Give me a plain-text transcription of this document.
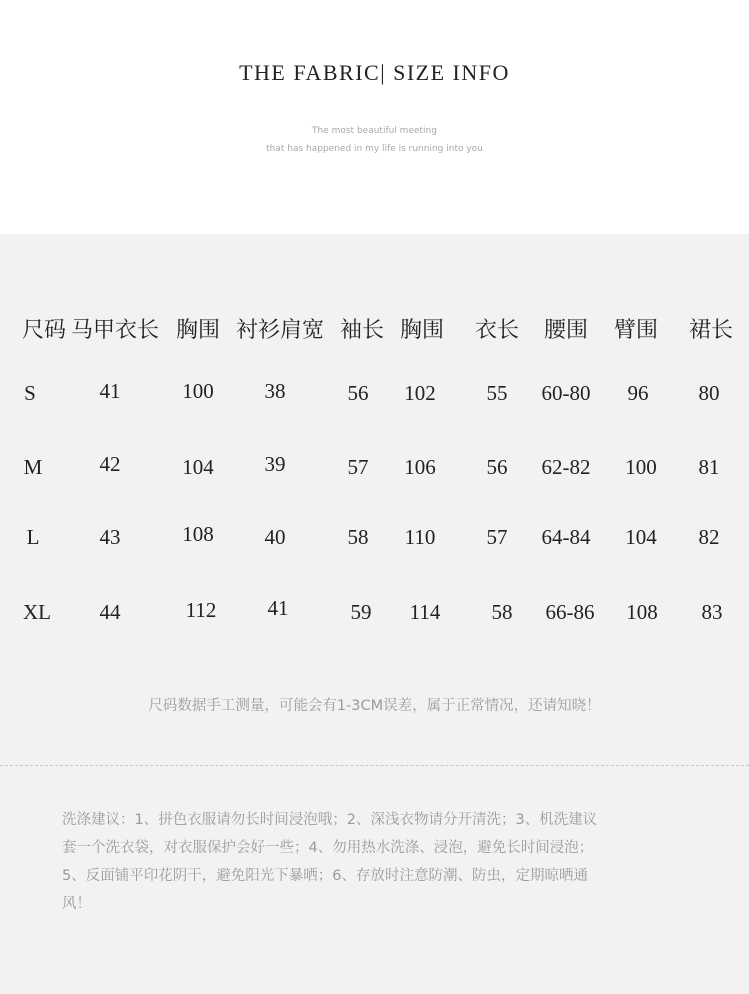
THE FABRIC| SIZE INFO
The most beautiful meeting
that has happened in my life is running into you
尺码 马甲衣长 胸围 衬衫肩宽 袖长 胸围 衣长 腰围 臂围 裙长
S	41	100 38	56 102 55 60-80 96 80
M	42	104 39	57 106 56 62-82 100 81
L	43	108 40	58 110 57 64-84 104 82
XL 44	112 41	59 114 58 66-86 108 83
尺码数据手工测量，可能会有1-3CM误差，属于正常情况，还请知晓！
洗涤建议：1、拼色衣服请勿长时间浸泡哦；2、深浅衣物请分开清洗；3、机洗建议
套一个洗衣袋，对衣服保护会好一些；4、勿用热水洗涤、浸泡，避免长时间浸泡；
5、反面铺平印花阴干，避免阳光下暴晒；6、存放时注意防潮、防虫，定期晾晒通
风！
